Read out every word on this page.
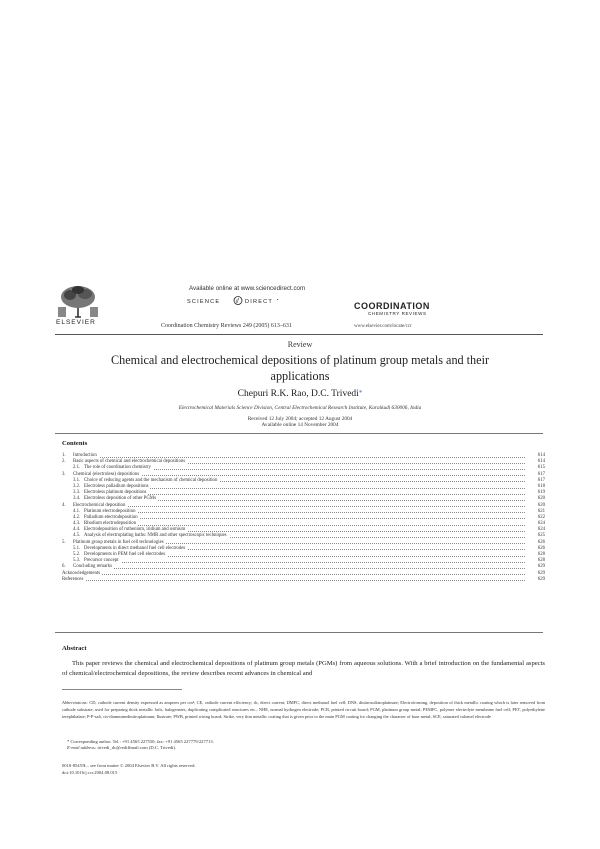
Available online at www.sciencedirect.com
SCIENCE	d DIRECT •
ELSEVIER	Coordination Chemistry Reviews 249 (2005) 613–631
COORDINATION
CHEMISTRY REVIEWS
www.elsevier.com/locate/ccr
Review
Chemical and electrochemical depositions of platinum group metals and their applications
Chepuri R.K. Rao, D.C. Trivedi*
Electrochemical Materials Science Division, Central Electrochemical Research Institute, Karaikudi 630006, India
Received 12 July 2004; accepted 12 August 2004
Available online 14 November 2004
Contents
1. Introduction	614
2. Basic aspects of chemical and electrochemical depositions	614
2.1. The role of coordination chemistry	615
3. Chemical (electroless) depositions	617
3.1. Choice of reducing agents and the mechanism of chemical deposition	617
3.2. Electroless palladium depositions	618
3.3. Electroless platinum depositions	619
3.4. Electroless deposition of other PGMs	620
4. Electrochemical deposition	620
4.1. Platinum electrodeposition	621
4.2. Palladium electrodeposition	622
4.3. Rhodium electrodeposition	624
4.4. Electrodeposition of ruthenium, iridium and osmium	624
4.5. Analysis of electroplating baths: NMR and other spectroscopic techniques	625
5. Platinum group metals in fuel cell technologies	626
5.1. Developments in direct methanol fuel cell electrodes	626
5.2. Developments in PEM fuel cell electrodes	628
5.3. Precursor concept	628
6. Concluding remarks	629
Acknowledgements	629
References	629
Abstract
This paper reviews the chemical and electrochemical depositions of platinum group metals (PGMs) from aqueous solutions. With a brief introduction on the fundamental aspects of chemical/electrochemical depositions, the review describes recent advances in chemical and
Abbreviations: CD, cathode current density expressed as amperes per cm²; CE, cathode current efficiency; dc, direct current; DMFC, direct methanol fuel cell; DNS, dinitrosulfatoplatinate; Electroforming, deposition of thick metallic coating which is later removed from cathode substrate, used for preparing thick metallic foils, halogenates, duplicating complicated structures etc.; NHE, normal hydrogen electrode; PCB, printed circuit board; PGM, platinum group metal; PEMFC, polymer electrolyte membrane fuel cell; PET, polyethylene terephthalate; P-P-salt, cis-diamminedinitroplatinum; Ilustrate; PWB, printed wiring board; Strike, very thin metallic coating that is given prior to the main PGM coating for changing the character of base metal; SCE, saturated calomel electrode
* Corresponding author. Tel.: +91 4565 227550; fax: +91 4565 227779/227713.
E-mail address: trivedi_dc@rediffmail.com (D.C. Trivedi).
0010-8545/$ – see front matter © 2004 Elsevier B.V. All rights reserved.
doi:10.1016/j.ccr.2004.08.015
